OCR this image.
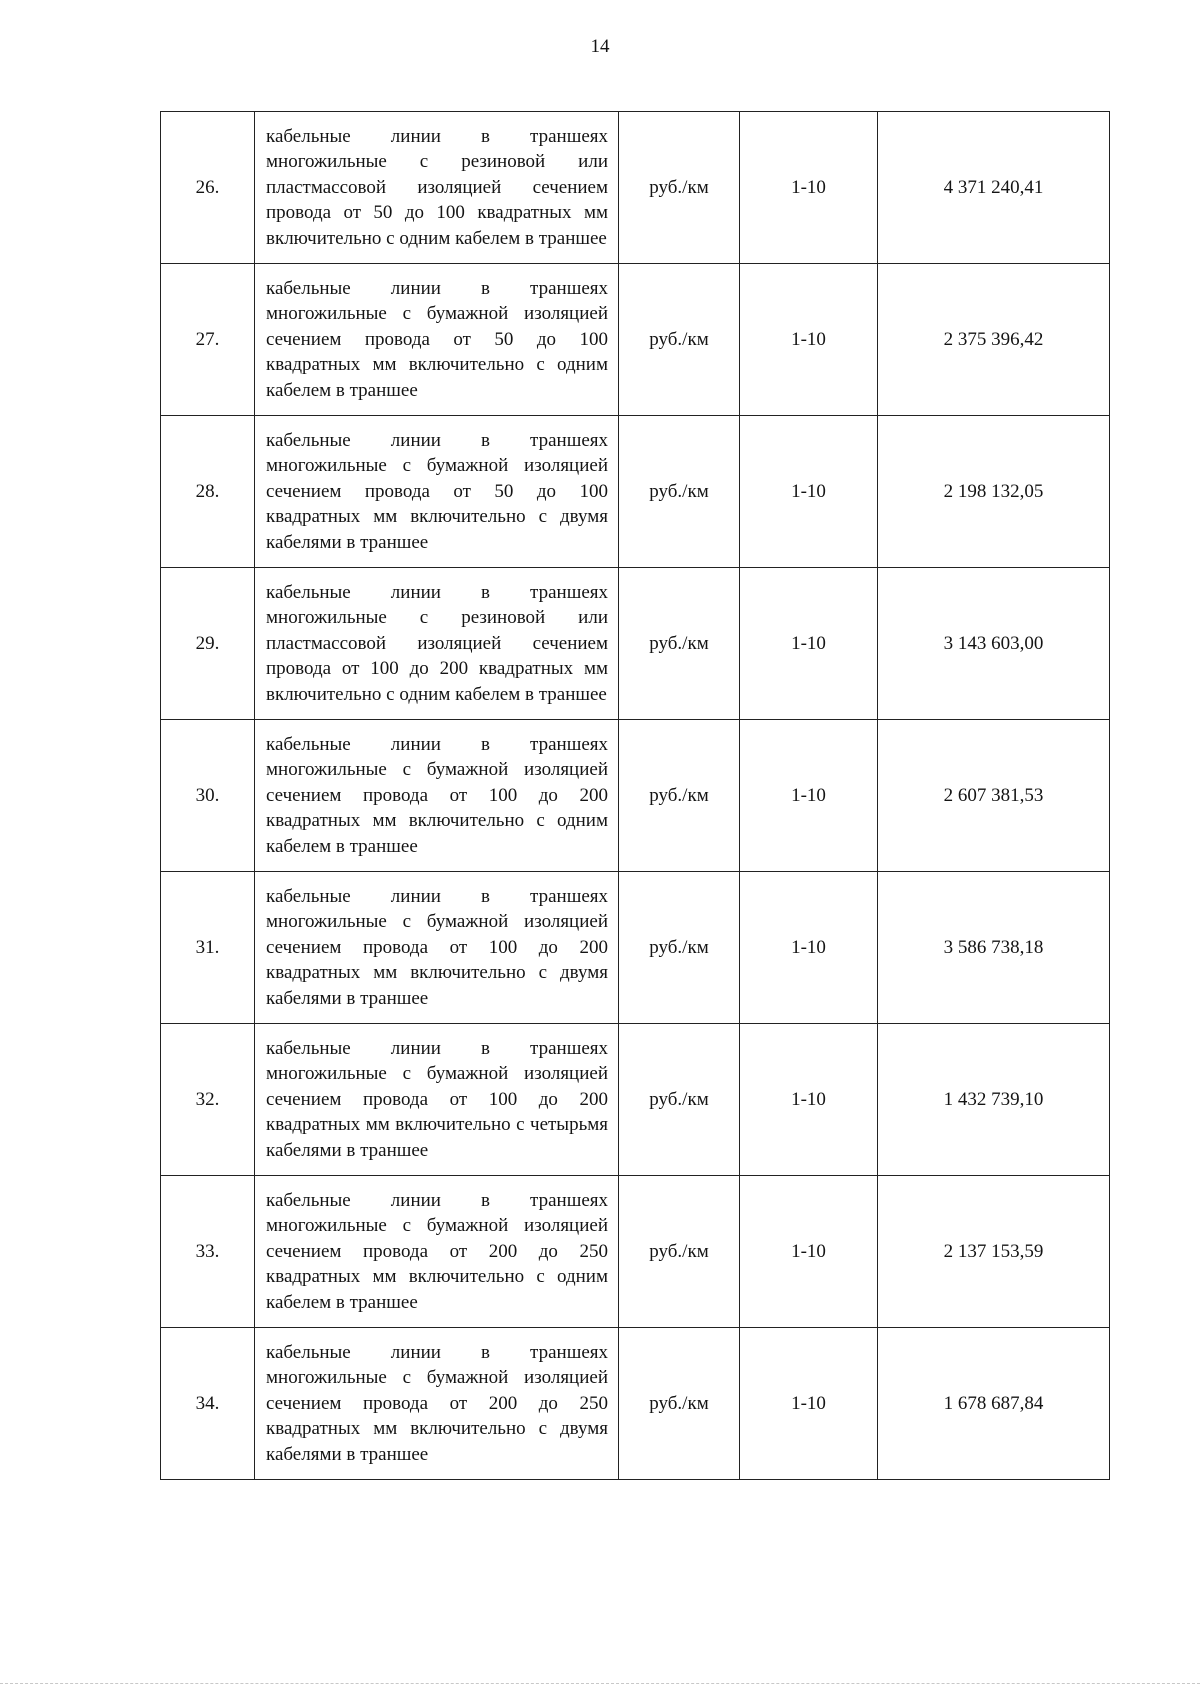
14
26.	кабельные линии в траншеях многожильные с резиновой или пластмассовой изоляцией сечением провода от 50 до 100 квадратных мм включительно с одним кабелем в траншее	руб./км	1-10	4 371 240,41
27.	кабельные линии в траншеях многожильные с бумажной изоляцией сечением провода от 50 до 100 квадратных мм включительно с одним кабелем в траншее	руб./км	1-10	2 375 396,42
28.	кабельные линии в траншеях многожильные с бумажной изоляцией сечением провода от 50 до 100 квадратных мм включительно с двумя кабелями в траншее	руб./км	1-10	2 198 132,05
29.	кабельные линии в траншеях многожильные с резиновой или пластмассовой изоляцией сечением провода от 100 до 200 квадратных мм включительно с одним кабелем в траншее	руб./км	1-10	3 143 603,00
30.	кабельные линии в траншеях многожильные с бумажной изоляцией сечением провода от 100 до 200 квадратных мм включительно с одним кабелем в траншее	руб./км	1-10	2 607 381,53
31.	кабельные линии в траншеях многожильные с бумажной изоляцией сечением провода от 100 до 200 квадратных мм включительно с двумя кабелями в траншее	руб./км	1-10	3 586 738,18
32.	кабельные линии в траншеях многожильные с бумажной изоляцией сечением провода от 100 до 200 квадратных мм включительно с четырьмя кабелями в траншее	руб./км	1-10	1 432 739,10
33.	кабельные линии в траншеях многожильные с бумажной изоляцией сечением провода от 200 до 250 квадратных мм включительно с одним кабелем в траншее	руб./км	1-10	2 137 153,59
34.	кабельные линии в траншеях многожильные с бумажной изоляцией сечением провода от 200 до 250 квадратных мм включительно с двумя кабелями в траншее	руб./км	1-10	1 678 687,84
